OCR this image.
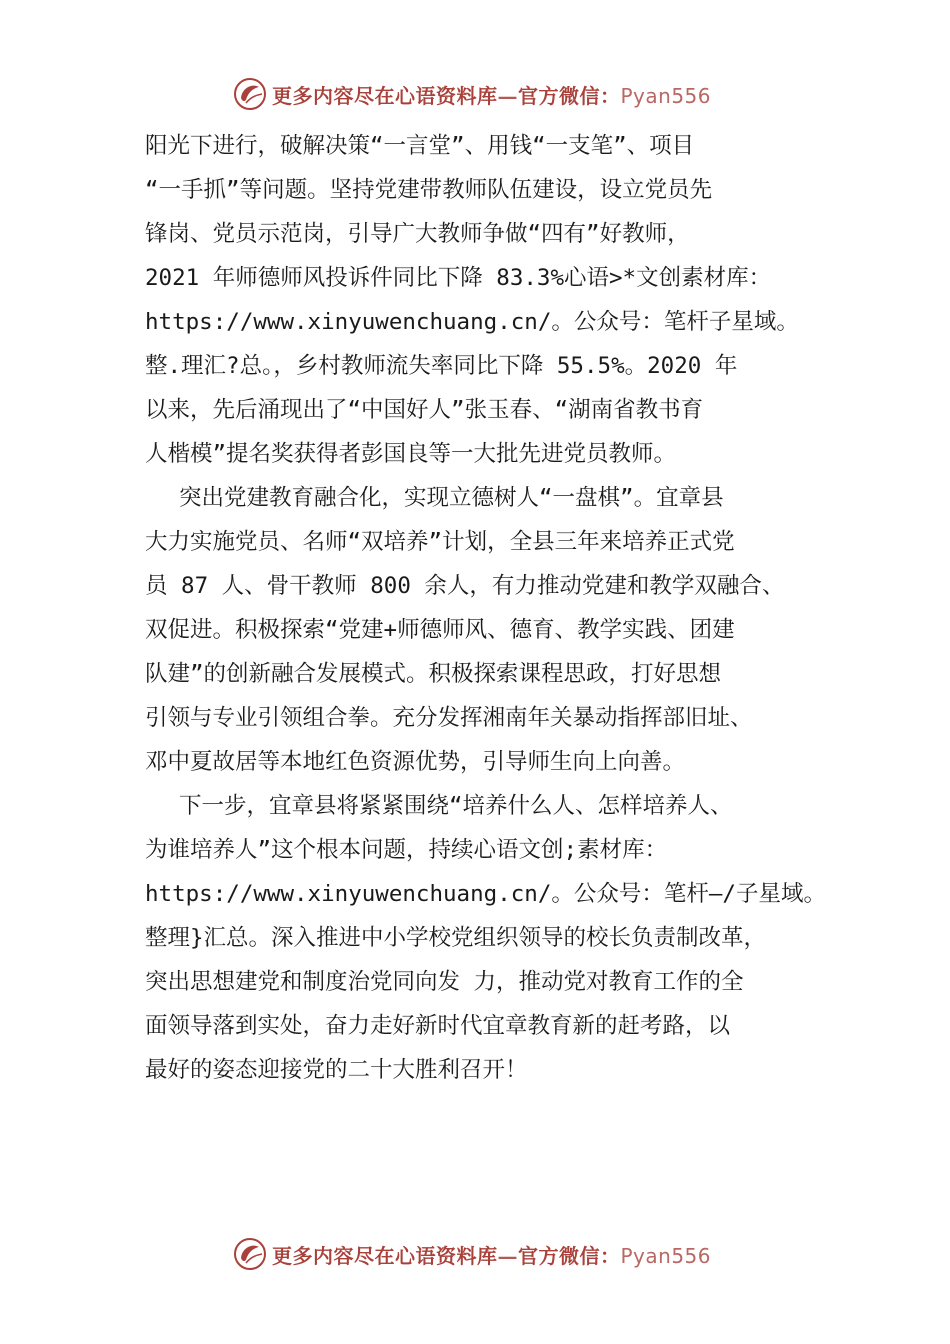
更多内容尽在心语资料库—官方微信：Pyan556
阳光下进行，破解决策“一言堂”、用钱“一支笔”、项目
“一手抓”等问题。坚持党建带教师队伍建设，设立党员先
锋岗、党员示范岗，引导广大教师争做“四有”好教师，
2021 年师德师风投诉件同比下降 83.3%心语>*文创素材库：
https://www.xinyuwenchuang.cn/。公众号：笔杆子星域。
整.理汇?总。，乡村教师流失率同比下降 55.5%。2020 年
以来，先后涌现出了“中国好人”张玉春、“湖南省教书育
人楷模”提名奖获得者彭国良等一大批先进党员教师。
突出党建教育融合化，实现立德树人“一盘棋”。宜章县
大力实施党员、名师“双培养”计划，全县三年来培养正式党
员 87 人、骨干教师 800 余人，有力推动党建和教学双融合、
双促进。积极探索“党建+师德师风、德育、教学实践、团建
队建”的创新融合发展模式。积极探索课程思政，打好思想
引领与专业引领组合拳。充分发挥湘南年关暴动指挥部旧址、
邓中夏故居等本地红色资源优势，引导师生向上向善。
下一步，宜章县将紧紧围绕“培养什么人、怎样培养人、
为谁培养人”这个根本问题，持续心语文创;素材库：
https://www.xinyuwenchuang.cn/。公众号：笔杆—/子星域。
整理}汇总。深入推进中小学校党组织领导的校长负责制改革，
突出思想建党和制度治党同向发 力，推动党对教育工作的全
面领导落到实处，奋力走好新时代宜章教育新的赶考路，以
最好的姿态迎接党的二十大胜利召开！
更多内容尽在心语资料库—官方微信：Pyan556
